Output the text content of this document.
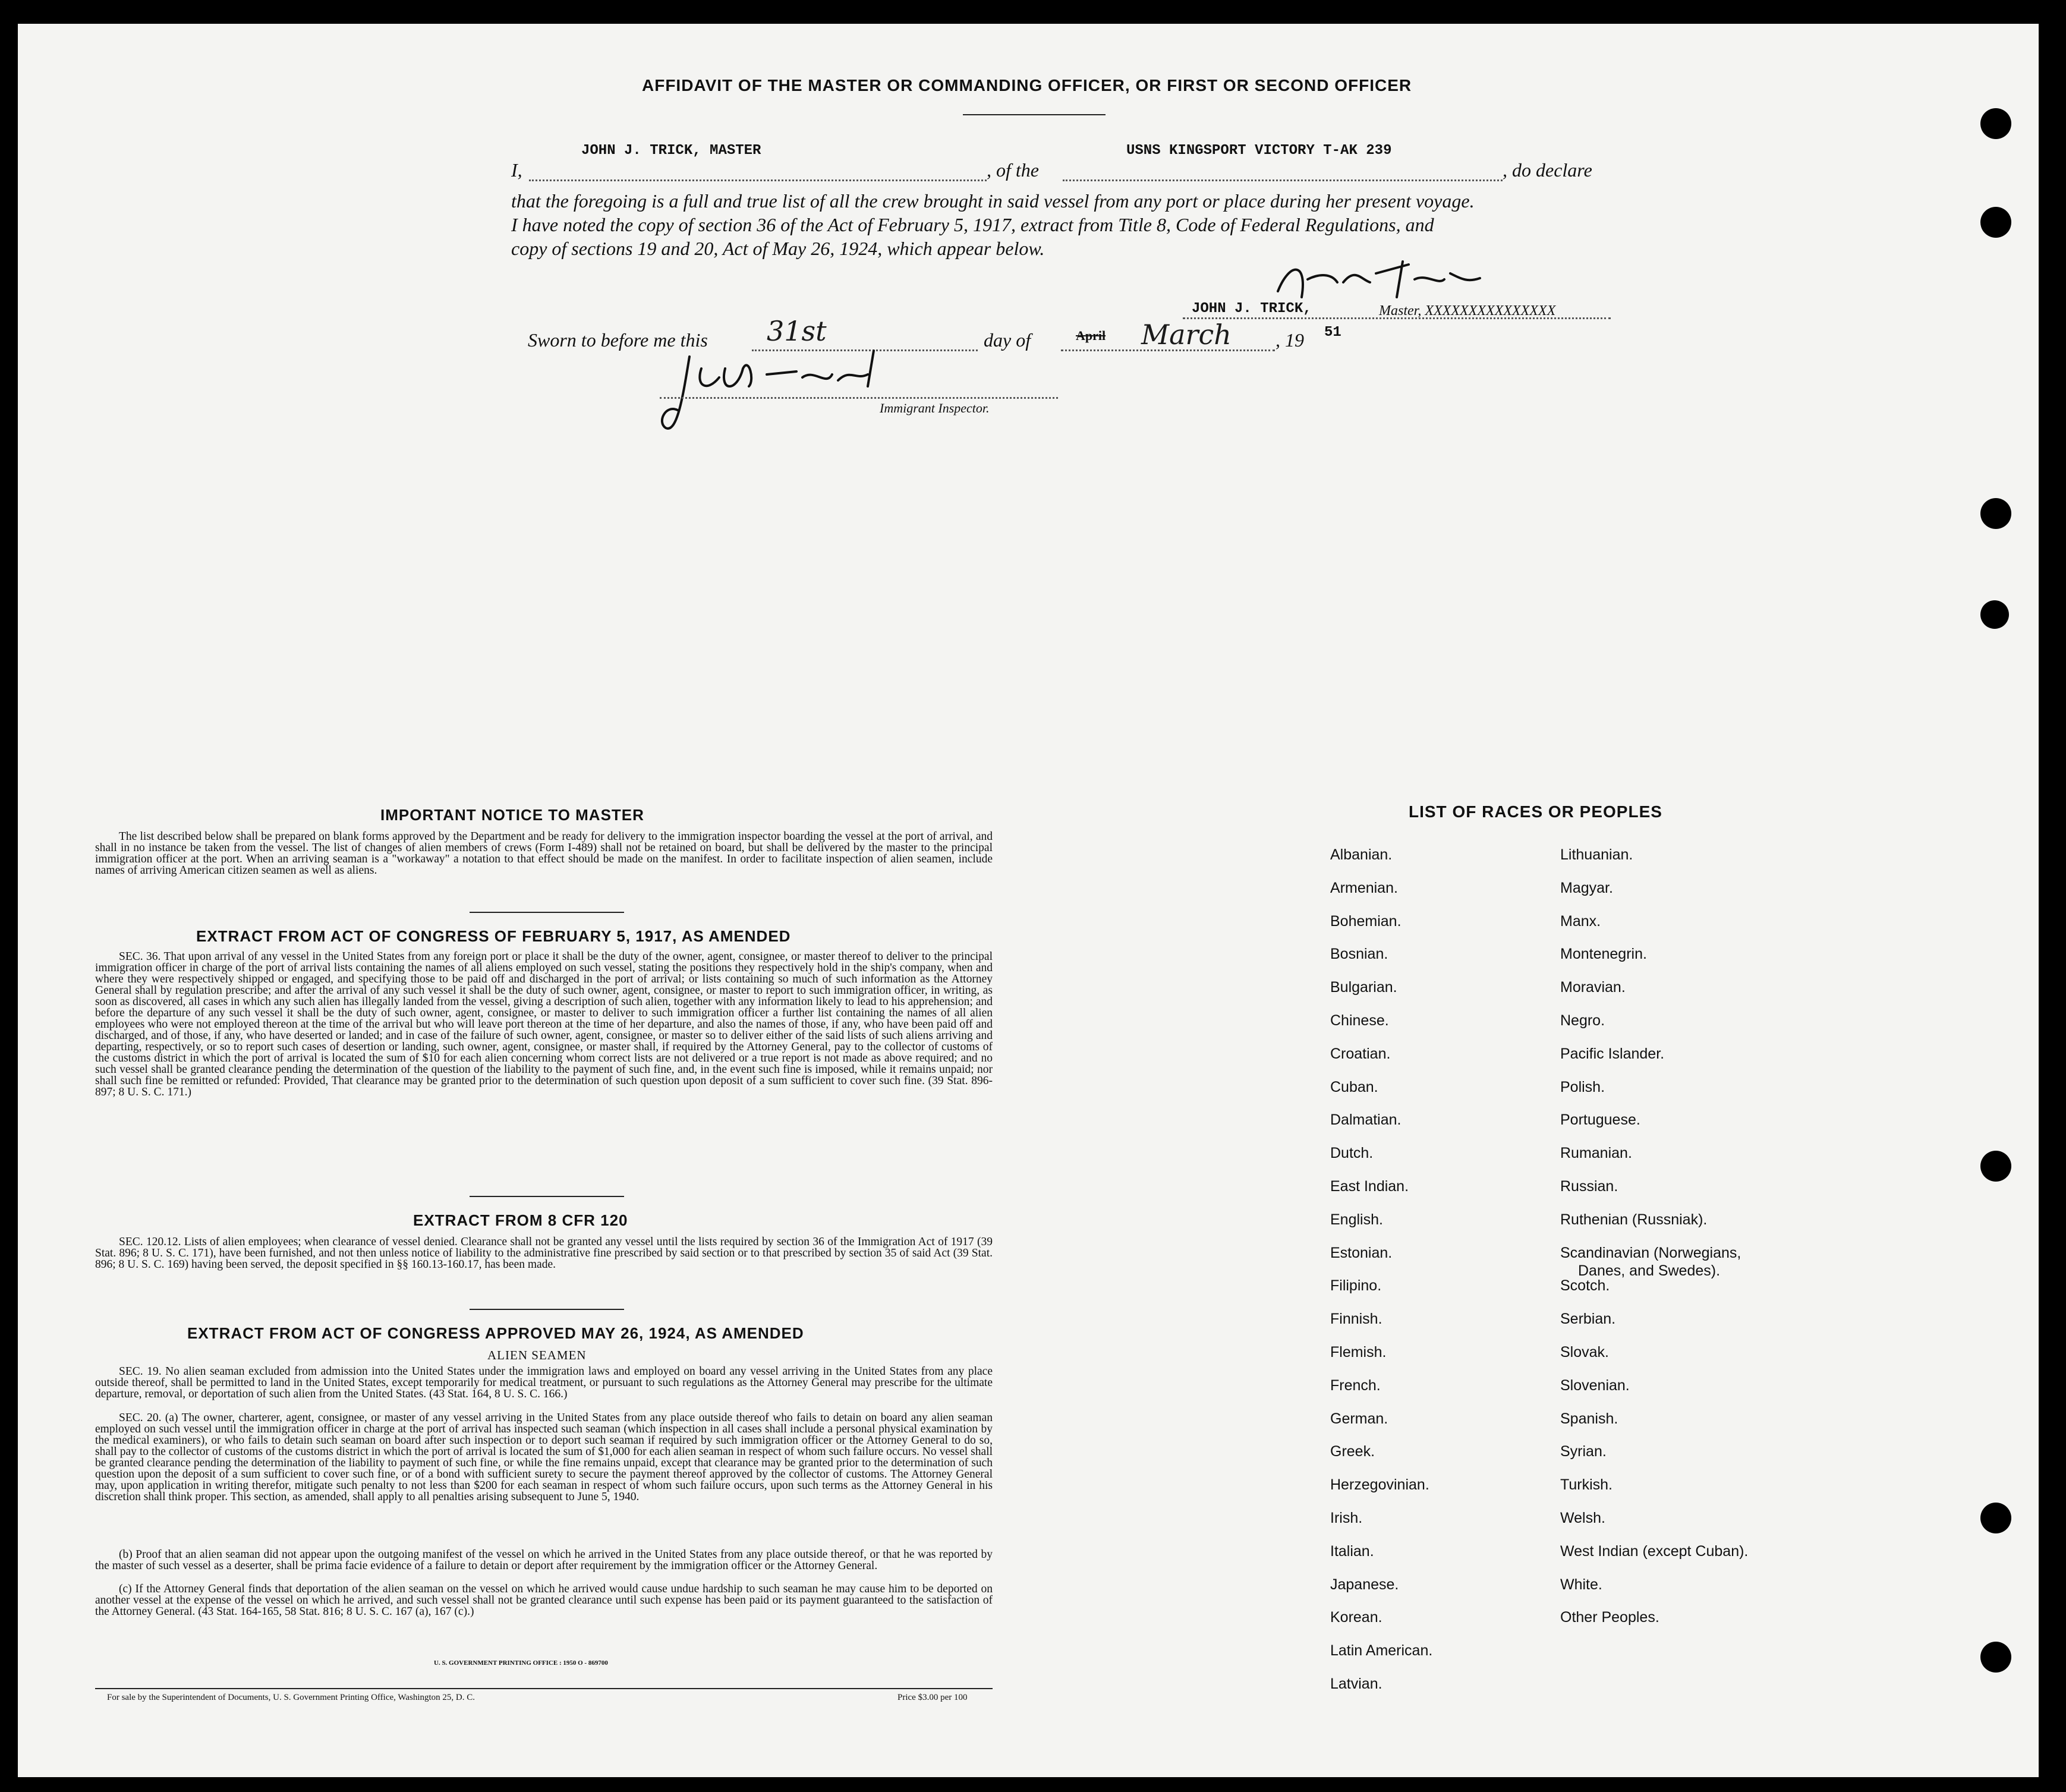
AFFIDAVIT OF THE MASTER OR COMMANDING OFFICER, OR FIRST OR SECOND OFFICER
I,
JOHN J. TRICK, MASTER
, of the
USNS KINGSPORT VICTORY T-AK 239
, do declare
that the foregoing is a full and true list of all the crew brought in said vessel from any port or place during her present voyage.
I have noted the copy of section 36 of the Act of February 5, 1917, extract from Title 8, Code of Federal Regulations, and
copy of sections 19 and 20, Act of May 26, 1924, which appear below.
JOHN J. TRICK,	Master, XXXXXXXXXXXXXXX
Sworn to before me this 31st	day of	April March , 19 51
Immigrant Inspector.
IMPORTANT NOTICE TO MASTER
The list described below shall be prepared on blank forms approved by the Department and be ready for delivery to the immigration inspector boarding the vessel at the port of arrival, and shall in no instance be taken from the vessel. The list of changes of alien members of crews (Form I-489) shall not be retained on board, but shall be delivered by the master to the principal immigration officer at the port. When an arriving seaman is a "workaway" a notation to that effect should be made on the manifest. In order to facilitate inspection of alien seamen, include names of arriving American citizen seamen as well as aliens.
EXTRACT FROM ACT OF CONGRESS OF FEBRUARY 5, 1917, AS AMENDED
SEC. 36. That upon arrival of any vessel in the United States from any foreign port or place it shall be the duty of the owner, agent, consignee, or master thereof to deliver to the principal immigration officer in charge of the port of arrival lists containing the names of all aliens employed on such vessel, stating the positions they respectively hold in the ship's company, when and where they were respectively shipped or engaged, and specifying those to be paid off and discharged in the port of arrival; or lists containing so much of such information as the Attorney General shall by regulation prescribe; and after the arrival of any such vessel it shall be the duty of such owner, agent, consignee, or master to report to such immigration officer, in writing, as soon as discovered, all cases in which any such alien has illegally landed from the vessel, giving a description of such alien, together with any information likely to lead to his apprehension; and before the departure of any such vessel it shall be the duty of such owner, agent, consignee, or master to deliver to such immigration officer a further list containing the names of all alien employees who were not employed thereon at the time of the arrival but who will leave port thereon at the time of her departure, and also the names of those, if any, who have been paid off and discharged, and of those, if any, who have deserted or landed; and in case of the failure of such owner, agent, consignee, or master so to deliver either of the said lists of such aliens arriving and departing, respectively, or so to report such cases of desertion or landing, such owner, agent, consignee, or master shall, if required by the Attorney General, pay to the collector of customs of the customs district in which the port of arrival is located the sum of $10 for each alien concerning whom correct lists are not delivered or a true report is not made as above required; and no such vessel shall be granted clearance pending the determination of the question of the liability to the payment of such fine, and, in the event such fine is imposed, while it remains unpaid; nor shall such fine be remitted or refunded: Provided, That clearance may be granted prior to the determination of such question upon deposit of a sum sufficient to cover such fine. (39 Stat. 896-897; 8 U. S. C. 171.)
EXTRACT FROM 8 CFR 120
SEC. 120.12. Lists of alien employees; when clearance of vessel denied. Clearance shall not be granted any vessel until the lists required by section 36 of the Immigration Act of 1917 (39 Stat. 896; 8 U. S. C. 171), have been furnished, and not then unless notice of liability to the administrative fine prescribed by said section or to that prescribed by section 35 of said Act (39 Stat. 896; 8 U. S. C. 169) having been served, the deposit specified in §§ 160.13-160.17, has been made.
EXTRACT FROM ACT OF CONGRESS APPROVED MAY 26, 1924, AS AMENDED
ALIEN SEAMEN
SEC. 19. No alien seaman excluded from admission into the United States under the immigration laws and employed on board any vessel arriving in the United States from any place outside thereof, shall be permitted to land in the United States, except temporarily for medical treatment, or pursuant to such regulations as the Attorney General may prescribe for the ultimate departure, removal, or deportation of such alien from the United States. (43 Stat. 164, 8 U. S. C. 166.)
SEC. 20. (a) The owner, charterer, agent, consignee, or master of any vessel arriving in the United States from any place outside thereof who fails to detain on board any alien seaman employed on such vessel until the immigration officer in charge at the port of arrival has inspected such seaman (which inspection in all cases shall include a personal physical examination by the medical examiners), or who fails to detain such seaman on board after such inspection or to deport such seaman if required by such immigration officer or the Attorney General to do so, shall pay to the collector of customs of the customs district in which the port of arrival is located the sum of $1,000 for each alien seaman in respect of whom such failure occurs. No vessel shall be granted clearance pending the determination of the liability to payment of such fine, or while the fine remains unpaid, except that clearance may be granted prior to the determination of such question upon the deposit of a sum sufficient to cover such fine, or of a bond with sufficient surety to secure the payment thereof approved by the collector of customs. The Attorney General may, upon application in writing therefor, mitigate such penalty to not less than $200 for each seaman in respect of whom such failure occurs, upon such terms as the Attorney General in his discretion shall think proper. This section, as amended, shall apply to all penalties arising subsequent to June 5, 1940.
(b) Proof that an alien seaman did not appear upon the outgoing manifest of the vessel on which he arrived in the United States from any place outside thereof, or that he was reported by the master of such vessel as a deserter, shall be prima facie evidence of a failure to detain or deport after requirement by the immigration officer or the Attorney General.
(c) If the Attorney General finds that deportation of the alien seaman on the vessel on which he arrived would cause undue hardship to such seaman he may cause him to be deported on another vessel at the expense of the vessel on which he arrived, and such vessel shall not be granted clearance until such expense has been paid or its payment guaranteed to the satisfaction of the Attorney General. (43 Stat. 164-165, 58 Stat. 816; 8 U. S. C. 167 (a), 167 (c).)
U. S. GOVERNMENT PRINTING OFFICE : 1950 O - 869700
For sale by the Superintendent of Documents, U. S. Government Printing Office, Washington 25, D. C.	Price $3.00 per 100
LIST OF RACES OR PEOPLES
Albanian.
Armenian.
Bohemian.
Bosnian.
Bulgarian.
Chinese.
Croatian.
Cuban.
Dalmatian.
Dutch.
East Indian.
English.
Estonian.
Filipino.
Finnish.
Flemish.
French.
German.
Greek.
Herzegovinian.
Irish.
Italian.
Japanese.
Korean.
Latin American.
Latvian.
Lithuanian.
Magyar.
Manx.
Montenegrin.
Moravian.
Negro.
Pacific Islander.
Polish.
Portuguese.
Rumanian.
Russian.
Ruthenian (Russniak).
Scandinavian (Norwegians,
Danes, and Swedes).
Scotch.
Serbian.
Slovak.
Slovenian.
Spanish.
Syrian.
Turkish.
Welsh.
West Indian (except Cuban).
White.
Other Peoples.
